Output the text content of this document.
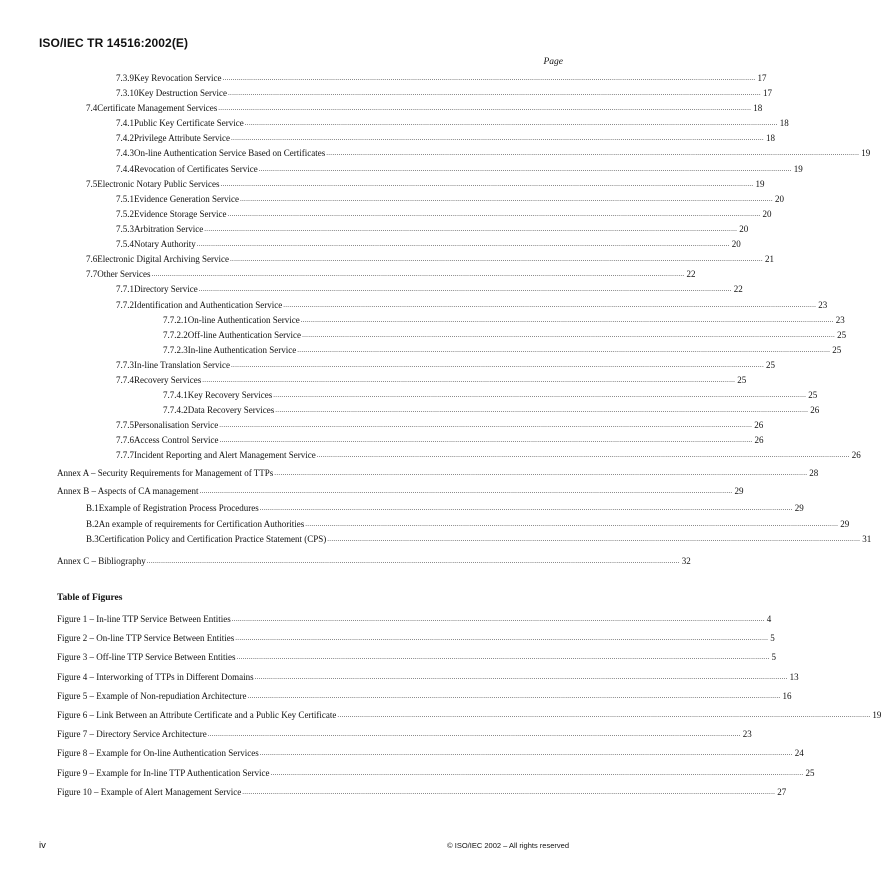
ISO/IEC TR 14516:2002(E)
Page
7.3.9 Key Revocation Service .................................................................................................................................................................................................................................................................... 17
7.3.10 Key Destruction Service .................................................................................................................................................................................................................................................................... 17
7.4 Certificate Management Services .................................................................................................................................................................................................................................................................... 18
7.4.1 Public Key Certificate Service .................................................................................................................................................................................................................................................................... 18
7.4.2 Privilege Attribute Service .................................................................................................................................................................................................................................................................... 18
7.4.3 On-line Authentication Service Based on Certificates .................................................................................................................................................................................................................................................................... 19
7.4.4 Revocation of Certificates Service .................................................................................................................................................................................................................................................................... 19
7.5 Electronic Notary Public Services .................................................................................................................................................................................................................................................................... 19
7.5.1 Evidence Generation Service .................................................................................................................................................................................................................................................................... 20
7.5.2 Evidence Storage Service .................................................................................................................................................................................................................................................................... 20
7.5.3 Arbitration Service .................................................................................................................................................................................................................................................................... 20
7.5.4 Notary Authority .................................................................................................................................................................................................................................................................... 20
7.6 Electronic Digital Archiving Service .................................................................................................................................................................................................................................................................... 21
7.7 Other Services .................................................................................................................................................................................................................................................................... 22
7.7.1 Directory Service .................................................................................................................................................................................................................................................................... 22
7.7.2 Identification and Authentication Service .................................................................................................................................................................................................................................................................... 23
7.7.2.1 On-line Authentication Service .................................................................................................................................................................................................................................................................... 23
7.7.2.2 Off-line Authentication Service .................................................................................................................................................................................................................................................................... 25
7.7.2.3 In-line Authentication Service .................................................................................................................................................................................................................................................................... 25
7.7.3 In-line Translation Service .................................................................................................................................................................................................................................................................... 25
7.7.4 Recovery Services .................................................................................................................................................................................................................................................................... 25
7.7.4.1 Key Recovery Services .................................................................................................................................................................................................................................................................... 25
7.7.4.2 Data Recovery Services .................................................................................................................................................................................................................................................................... 26
7.7.5 Personalisation Service .................................................................................................................................................................................................................................................................... 26
7.7.6 Access Control Service .................................................................................................................................................................................................................................................................... 26
7.7.7 Incident Reporting and Alert Management Service .................................................................................................................................................................................................................................................................... 26
Annex A – Security Requirements for Management of TTPs .................................................................................................................................................................................................................................................................... 28
Annex B – Aspects of CA management .................................................................................................................................................................................................................................................................... 29
B.1 Example of Registration Process Procedures .................................................................................................................................................................................................................................................................... 29
B.2 An example of requirements for Certification Authorities .................................................................................................................................................................................................................................................................... 29
B.3 Certification Policy and Certification Practice Statement (CPS) .................................................................................................................................................................................................................................................................... 31
Annex C – Bibliography .................................................................................................................................................................................................................................................................... 32
Table of Figures
Figure 1 – In-line TTP Service Between Entities .................................................................................................................................................................................................................................................................... 4
Figure 2 – On-line TTP Service Between Entities .................................................................................................................................................................................................................................................................... 5
Figure 3 – Off-line TTP Service Between Entities .................................................................................................................................................................................................................................................................... 5
Figure 4 – Interworking of TTPs in Different Domains .................................................................................................................................................................................................................................................................... 13
Figure 5 – Example of Non-repudiation Architecture .................................................................................................................................................................................................................................................................... 16
Figure 6 – Link Between an Attribute Certificate and a Public Key Certificate .................................................................................................................................................................................................................................................................... 19
Figure 7 – Directory Service Architecture .................................................................................................................................................................................................................................................................... 23
Figure 8 – Example for On-line Authentication Services .................................................................................................................................................................................................................................................................... 24
Figure 9 – Example for In-line TTP Authentication Service .................................................................................................................................................................................................................................................................... 25
Figure 10 – Example of Alert Management Service .................................................................................................................................................................................................................................................................... 27
iv	© ISO/IEC 2002 – All rights reserved
